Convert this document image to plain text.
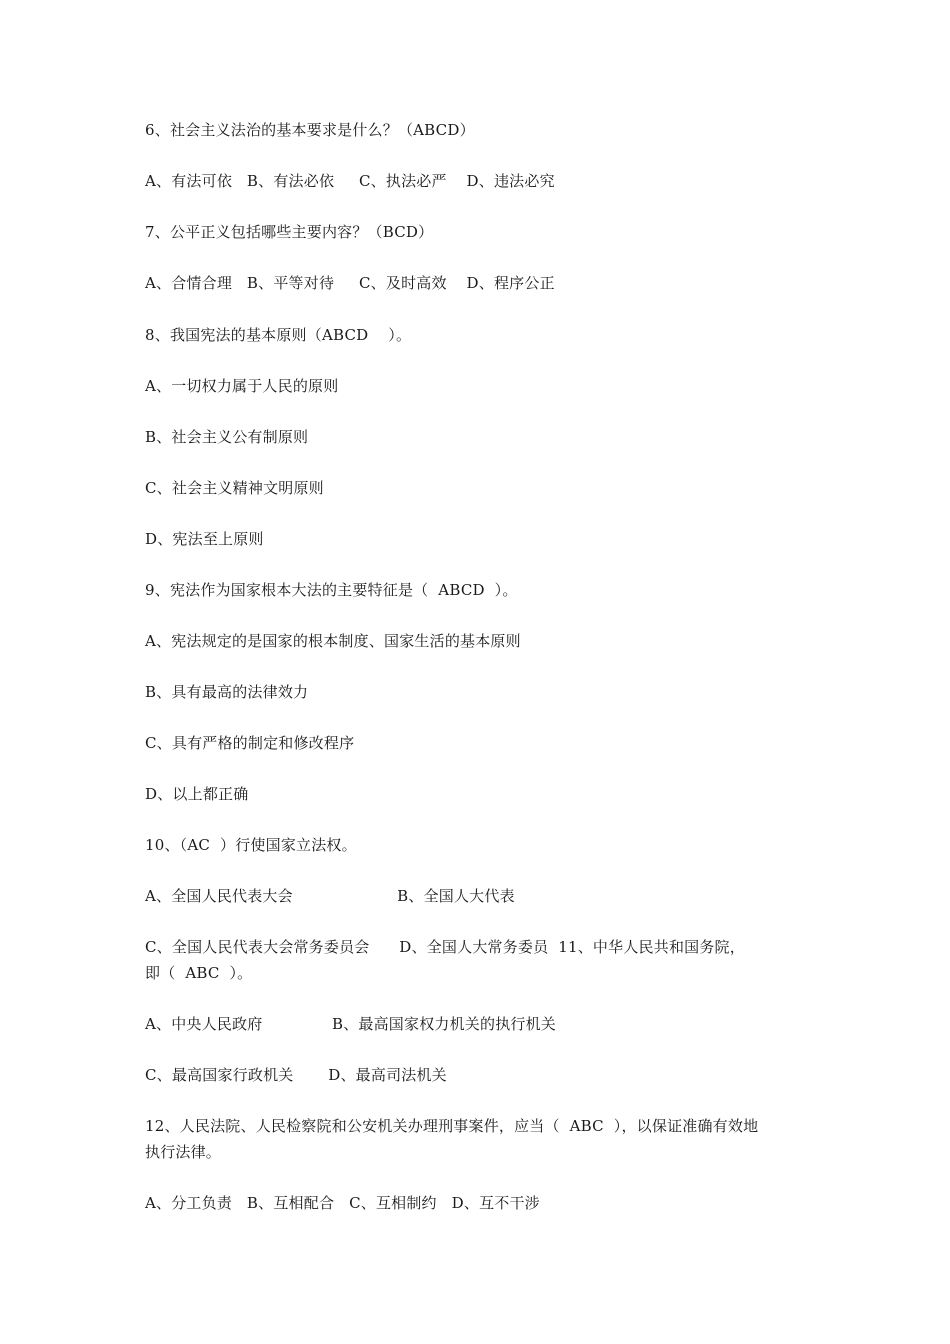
6、社会主义法治的基本要求是什么？（ABCD）
A、有法可依   B、有法必依     C、执法必严    D、违法必究
7、公平正义包括哪些主要内容？（BCD）
A、合情合理   B、平等对待     C、及时高效    D、程序公正
8、我国宪法的基本原则（ABCD    ）。
A、一切权力属于人民的原则
B、社会主义公有制原则
C、社会主义精神文明原则
D、宪法至上原则
9、宪法作为国家根本大法的主要特征是（  ABCD  ）。
A、宪法规定的是国家的根本制度、国家生活的基本原则
B、具有最高的法律效力
C、具有严格的制定和修改程序
D、以上都正确
10、（AC  ）行使国家立法权。
A、全国人民代表大会                     B、全国人大代表
C、全国人民代表大会常务委员会      D、全国人大常务委员  11、中华人民共和国务院，
即（  ABC  ）。
A、中央人民政府              B、最高国家权力机关的执行机关
C、最高国家行政机关       D、最高司法机关
12、人民法院、人民检察院和公安机关办理刑事案件，应当（  ABC  ），以保证准确有效地
执行法律。
A、分工负责   B、互相配合   C、互相制约   D、互不干涉
